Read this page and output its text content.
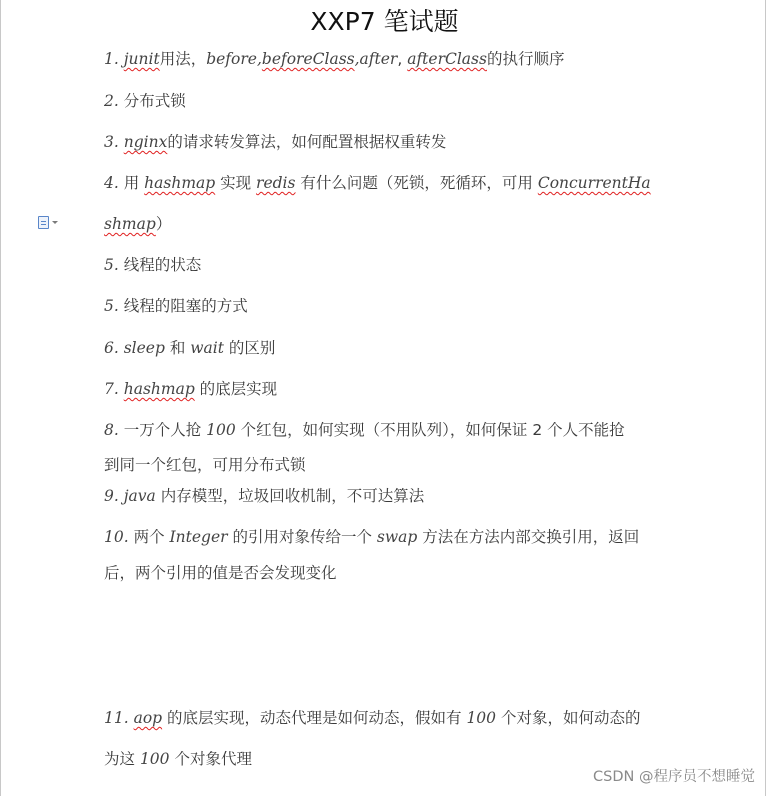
XXP7 笔试题
1. junit用法，before,beforeClass,after, afterClass的执行顺序
2. 分布式锁
3. nginx的请求转发算法，如何配置根据权重转发
4. 用 hashmap 实现 redis 有什么问题（死锁，死循环，可用 ConcurrentHa
shmap）
5. 线程的状态
5. 线程的阻塞的方式
6. sleep 和 wait 的区别
7. hashmap 的底层实现
8. 一万个人抢 100 个红包，如何实现（不用队列），如何保证 2 个人不能抢
到同一个红包，可用分布式锁
9. java 内存模型，垃圾回收机制，不可达算法
10. 两个 Integer 的引用对象传给一个 swap 方法在方法内部交换引用，返回
后，两个引用的值是否会发现变化
11. aop 的底层实现，动态代理是如何动态，假如有 100 个对象，如何动态的
为这 100 个对象代理
CSDN @程序员不想睡觉
